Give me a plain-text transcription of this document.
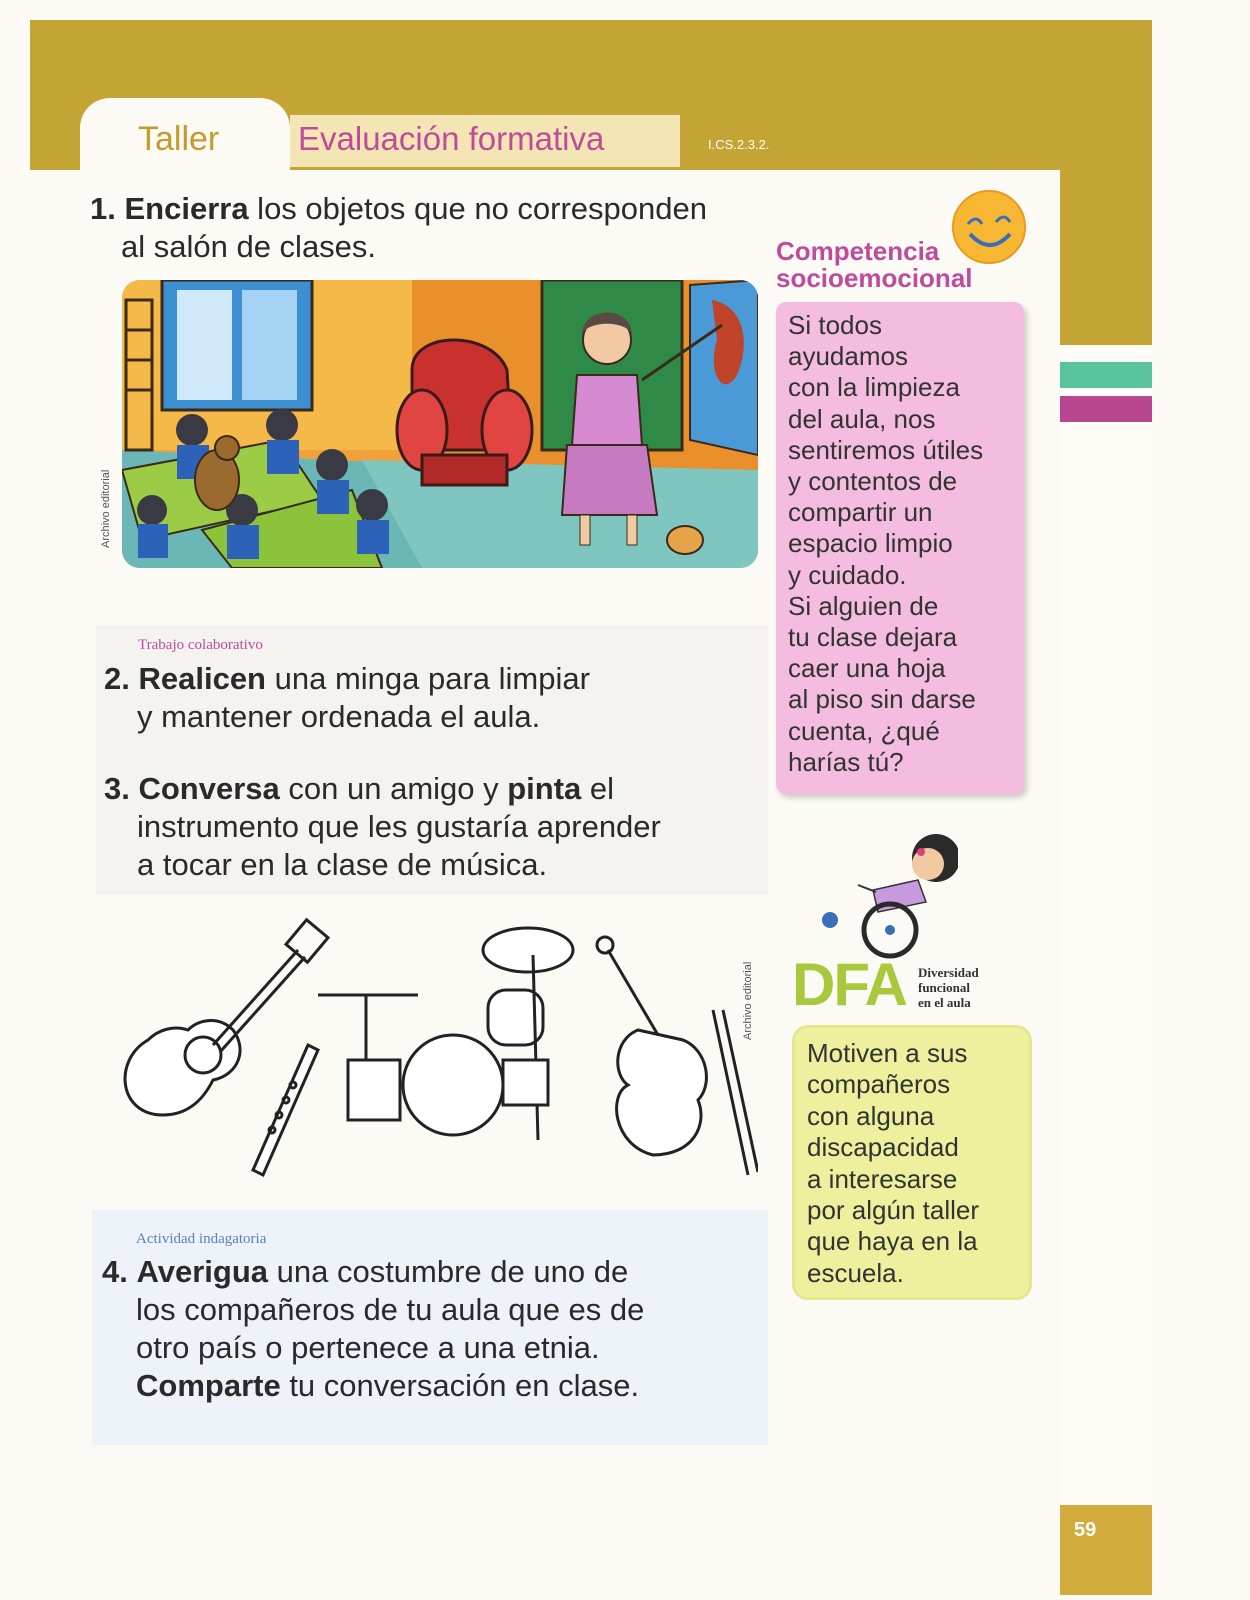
Taller	Evaluación formativa	I.CS.2.3.2.
1. Encierra los objetos que no corresponden
al salón de clases.
Archivo editorial
Trabajo colaborativo
2. Realicen una minga para limpiar
y mantener ordenada el aula.
3. Conversa con un amigo y pinta el
instrumento que les gustaría aprender
a tocar en la clase de música.
Archivo editorial
Actividad indagatoria
4. Averigua una costumbre de uno de
los compañeros de tu aula que es de
otro país o pertenece a una etnia.
Comparte tu conversación en clase.
Competencia
socioemocional
Si todos
ayudamos
con la limpieza
del aula, nos
sentiremos útiles
y contentos de
compartir un
espacio limpio
y cuidado.
Si alguien de
tu clase dejara
caer una hoja
al piso sin darse
cuenta, ¿qué
harías tú?
DFA Diversidad
funcional
en el aula
Motiven a sus
compañeros
con alguna
discapacidad
a interesarse
por algún taller
que haya en la
escuela.
59
